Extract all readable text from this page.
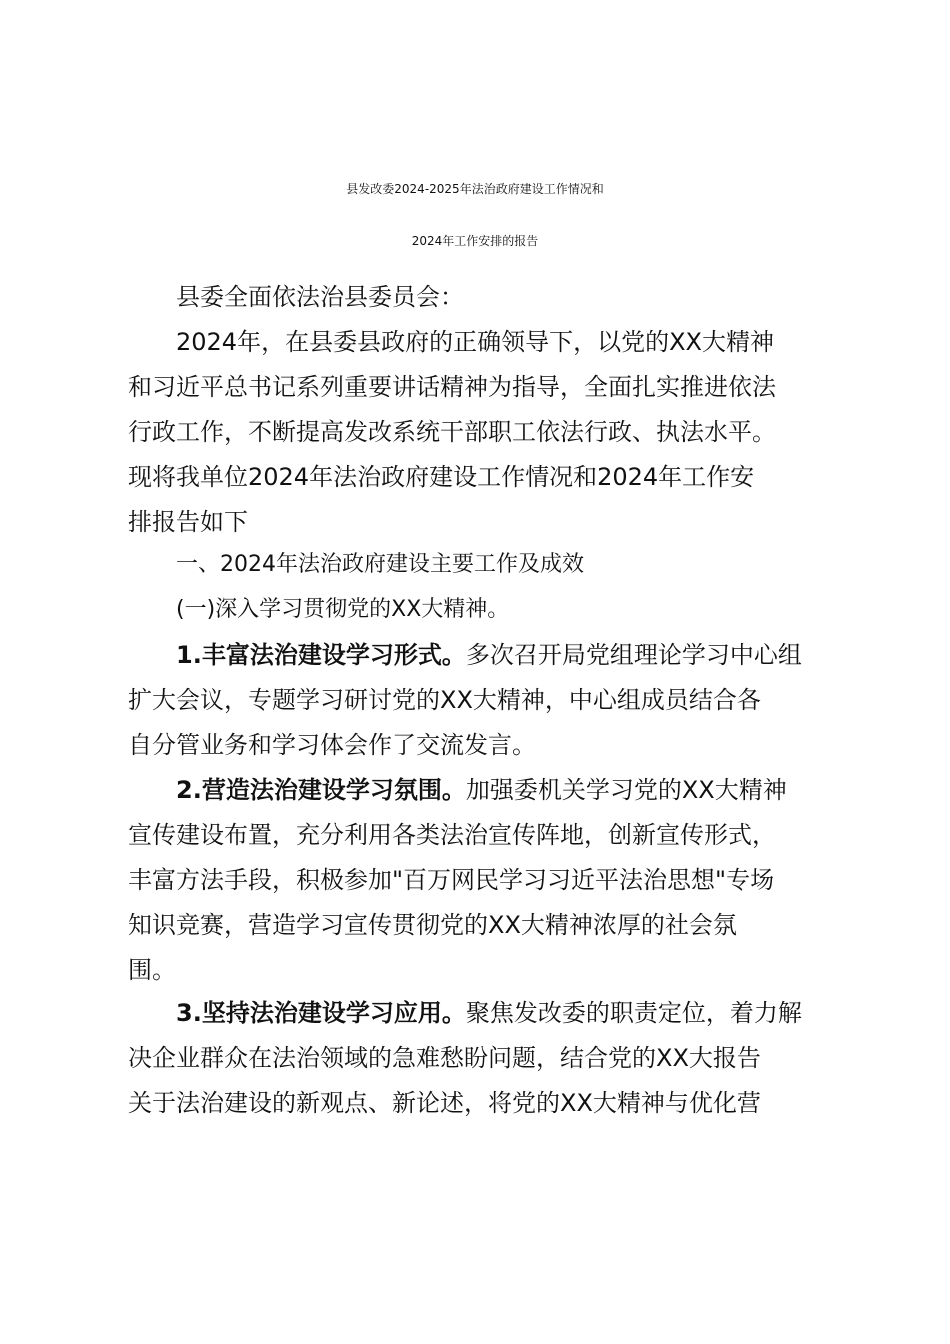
县发改委2024-2025年法治政府建设工作情况和
2024年工作安排的报告
县委全面依法治县委员会：
2024年，在县委县政府的正确领导下，以党的XX大精神
和习近平总书记系列重要讲话精神为指导，全面扎实推进依法
行政工作，不断提高发改系统干部职工依法行政、执法水平。
现将我单位2024年法治政府建设工作情况和2024年工作安
排报告如下
一、2024年法治政府建设主要工作及成效
(一)深入学习贯彻党的XX大精神。
1.丰富法治建设学习形式。多次召开局党组理论学习中心组
扩大会议，专题学习研讨党的XX大精神，中心组成员结合各
自分管业务和学习体会作了交流发言。
2.营造法治建设学习氛围。加强委机关学习党的XX大精神
宣传建设布置，充分利用各类法治宣传阵地，创新宣传形式，
丰富方法手段，积极参加"百万网民学习习近平法治思想"专场
知识竞赛，营造学习宣传贯彻党的XX大精神浓厚的社会氛
围。
3.坚持法治建设学习应用。聚焦发改委的职责定位，着力解
决企业群众在法治领域的急难愁盼问题，结合党的XX大报告
关于法治建设的新观点、新论述，将党的XX大精神与优化营
